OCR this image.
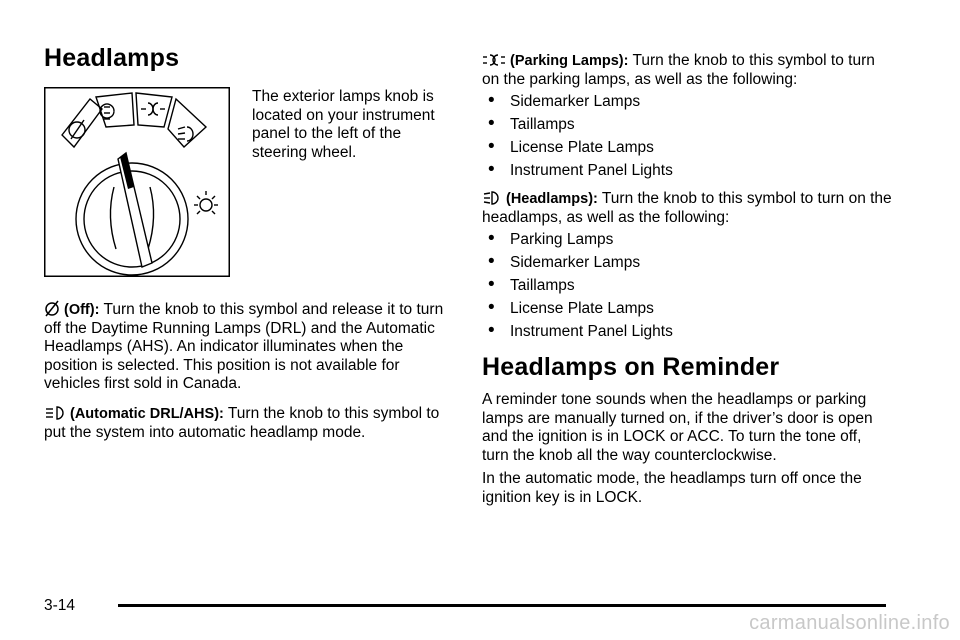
Headlamps

The exterior lamps knob is located on your instrument panel to the left of the steering wheel.

(Off): Turn the knob to this symbol and release it to turn off the Daytime Running Lamps (DRL) and the Automatic Headlamps (AHS). An indicator illuminates when the position is selected. This position is not available for vehicles first sold in Canada.

(Automatic DRL/AHS): Turn the knob to this symbol to put the system into automatic headlamp mode.

(Parking Lamps): Turn the knob to this symbol to turn on the parking lamps, as well as the following:

• Sidemarker Lamps
• Taillamps
• License Plate Lamps
• Instrument Panel Lights

(Headlamps): Turn the knob to this symbol to turn on the headlamps, as well as the following:

• Parking Lamps
• Sidemarker Lamps
• Taillamps
• License Plate Lamps
• Instrument Panel Lights
Headlamps on Reminder

A reminder tone sounds when the headlamps or parking lamps are manually turned on, if the driver’s door is open and the ignition is in LOCK or ACC. To turn the tone off, turn the knob all the way counterclockwise.

In the automatic mode, the headlamps turn off once the ignition key is in LOCK.

3-14
carmanualsonline.info
